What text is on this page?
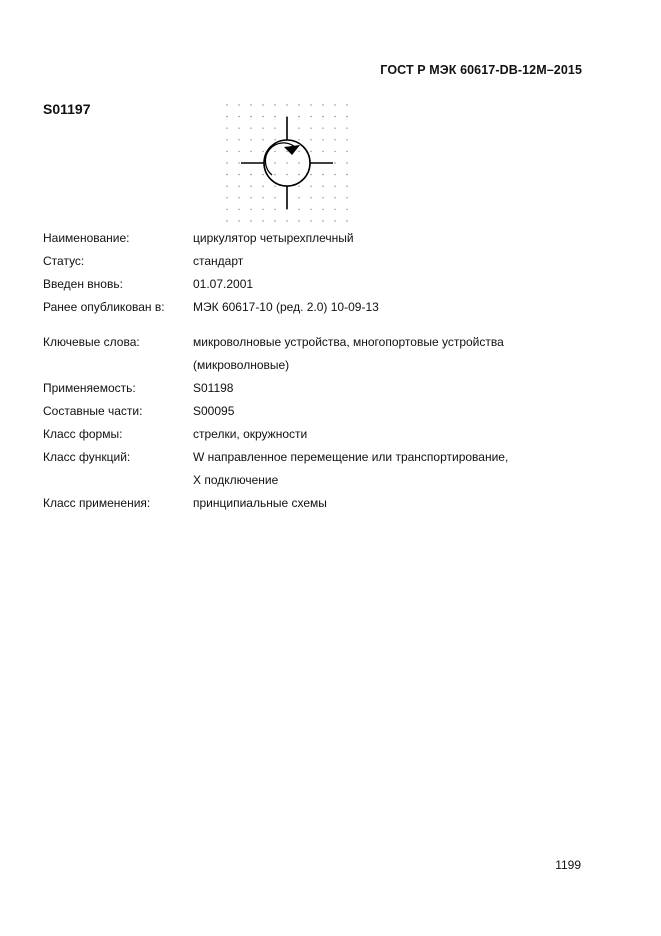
ГОСТ Р МЭК 60617-DB-12М–2015
S01197
Наименование:	циркулятор четырехплечный
Статус:	стандарт
Введен вновь:	01.07.2001
Ранее опубликован в:	МЭК 60617-10 (ред. 2.0) 10-09-13
Ключевые слова:	микроволновые устройства, многопортовые устройства
(микроволновые)
Применяемость:	S01198
Составные части:	S00095
Класс формы:	стрелки, окружности
Класс функций:	W направленное перемещение или транспортирование,
X подключение
Класс применения:	принципиальные схемы
1199
